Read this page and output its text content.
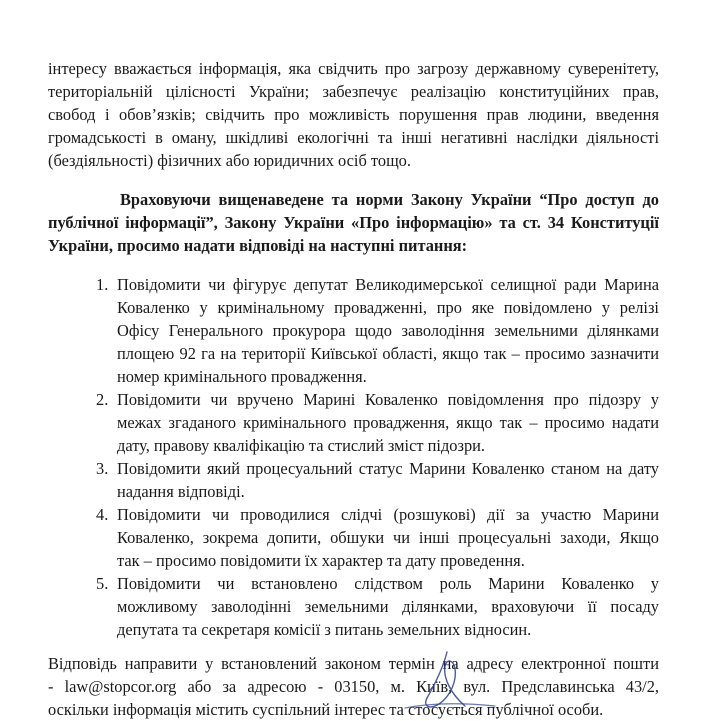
інтересу вважається інформація, яка свідчить про загрозу державному суверенітету,
територіальній цілісності України; забезпечує реалізацію конституційних прав,
свобод і обов’язків; свідчить про можливість порушення прав людини, введення
громадськості в оману, шкідливі екологічні та інші негативні наслідки діяльності
(бездіяльності) фізичних або юридичних осіб тощо.
Враховуючи вищенаведене та норми Закону України “Про доступ до
публічної інформації”, Закону України «Про інформацію» та ст. 34 Конституції
України, просимо надати відповіді на наступні питання:
1. Повідомити чи фігурує депутат Великодимерської селищної ради Марина
Коваленко у кримінальному провадженні, про яке повідомлено у релізі
Офісу Генерального прокурора щодо заволодіння земельними ділянками
площею 92 га на території Київської області, якщо так – просимо зазначити
номер кримінального провадження.
2. Повідомити чи вручено Марині Коваленко повідомлення про підозру у
межах згаданого кримінального провадження, якщо так – просимо надати
дату, правову кваліфікацію та стислий зміст підозри.
3. Повідомити який процесуальний статус Марини Коваленко станом на дату
надання відповіді.
4. Повідомити чи проводилися слідчі (розшукові) дії за участю Марини
Коваленко, зокрема допити, обшуки чи інші процесуальні заходи, Якщо
так – просимо повідомити їх характер та дату проведення.
5. Повідомити чи встановлено слідством роль Марини Коваленко у
можливому заволодінні земельними ділянками, враховуючи її посаду
депутата та секретаря комісії з питань земельних відносин.
Відповідь направити у встановлений законом термін на адресу електронної пошти
- law@stopcor.org або за адресою - 03150, м. Київ, вул. Предславинська 43/2,
оскільки інформація містить суспільний інтерес та стосується публічної особи.
